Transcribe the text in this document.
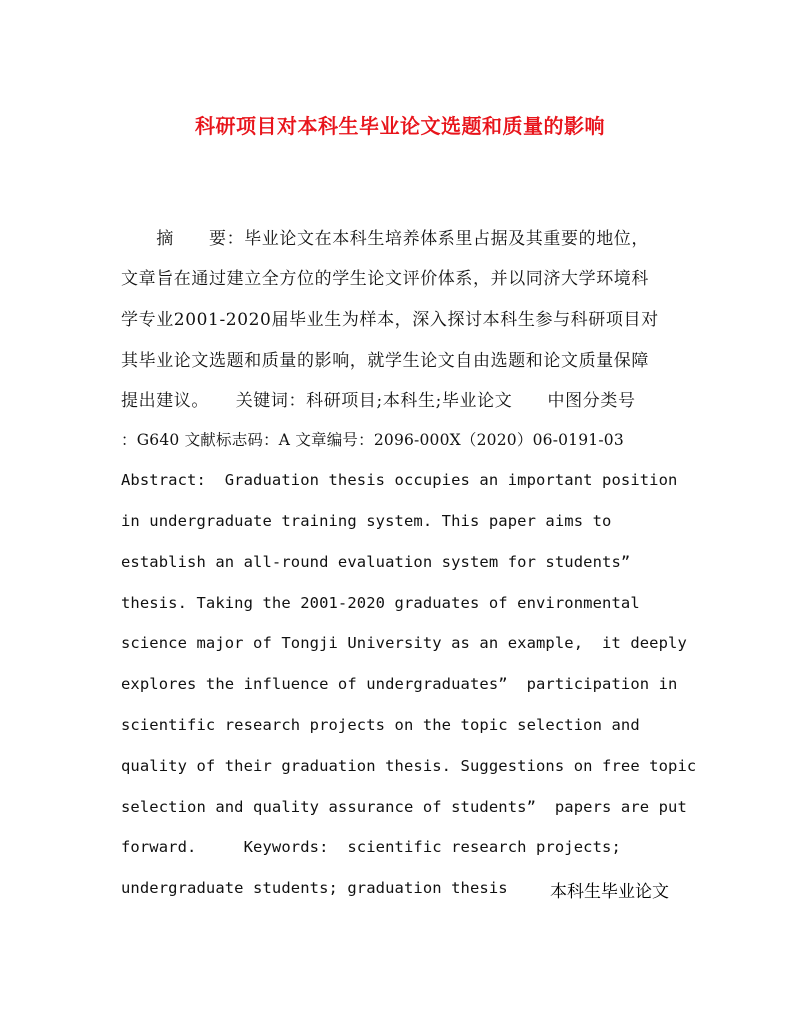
科研项目对本科生毕业论文选题和质量的影响

　　摘　　要：毕业论文在本科生培养体系里占据及其重要的地位，

文章旨在通过建立全方位的学生论文评价体系，并以同济大学环境科

学专业2001-2020届毕业生为样本，深入探讨本科生参与科研项目对

其毕业论文选题和质量的影响，就学生论文自由选题和论文质量保障

提出建议。　　关键词：科研项目;本科生;毕业论文　　中图分类号

：G640 文献标志码：A 文章编号：2096-000X（2020）06-0191-03

Abstract:  Graduation thesis occupies an important position

in undergraduate training system. This paper aims to

establish an all-round evaluation system for students”

thesis. Taking the 2001-2020 graduates of environmental

science major of Tongji University as an example,  it deeply

explores the influence of undergraduates”  participation in

scientific research projects on the topic selection and

quality of their graduation thesis. Suggestions on free topic

selection and quality assurance of students”  papers are put

forward.     Keywords:  scientific research projects;

undergraduate students; graduation thesis 本科生毕业论文
